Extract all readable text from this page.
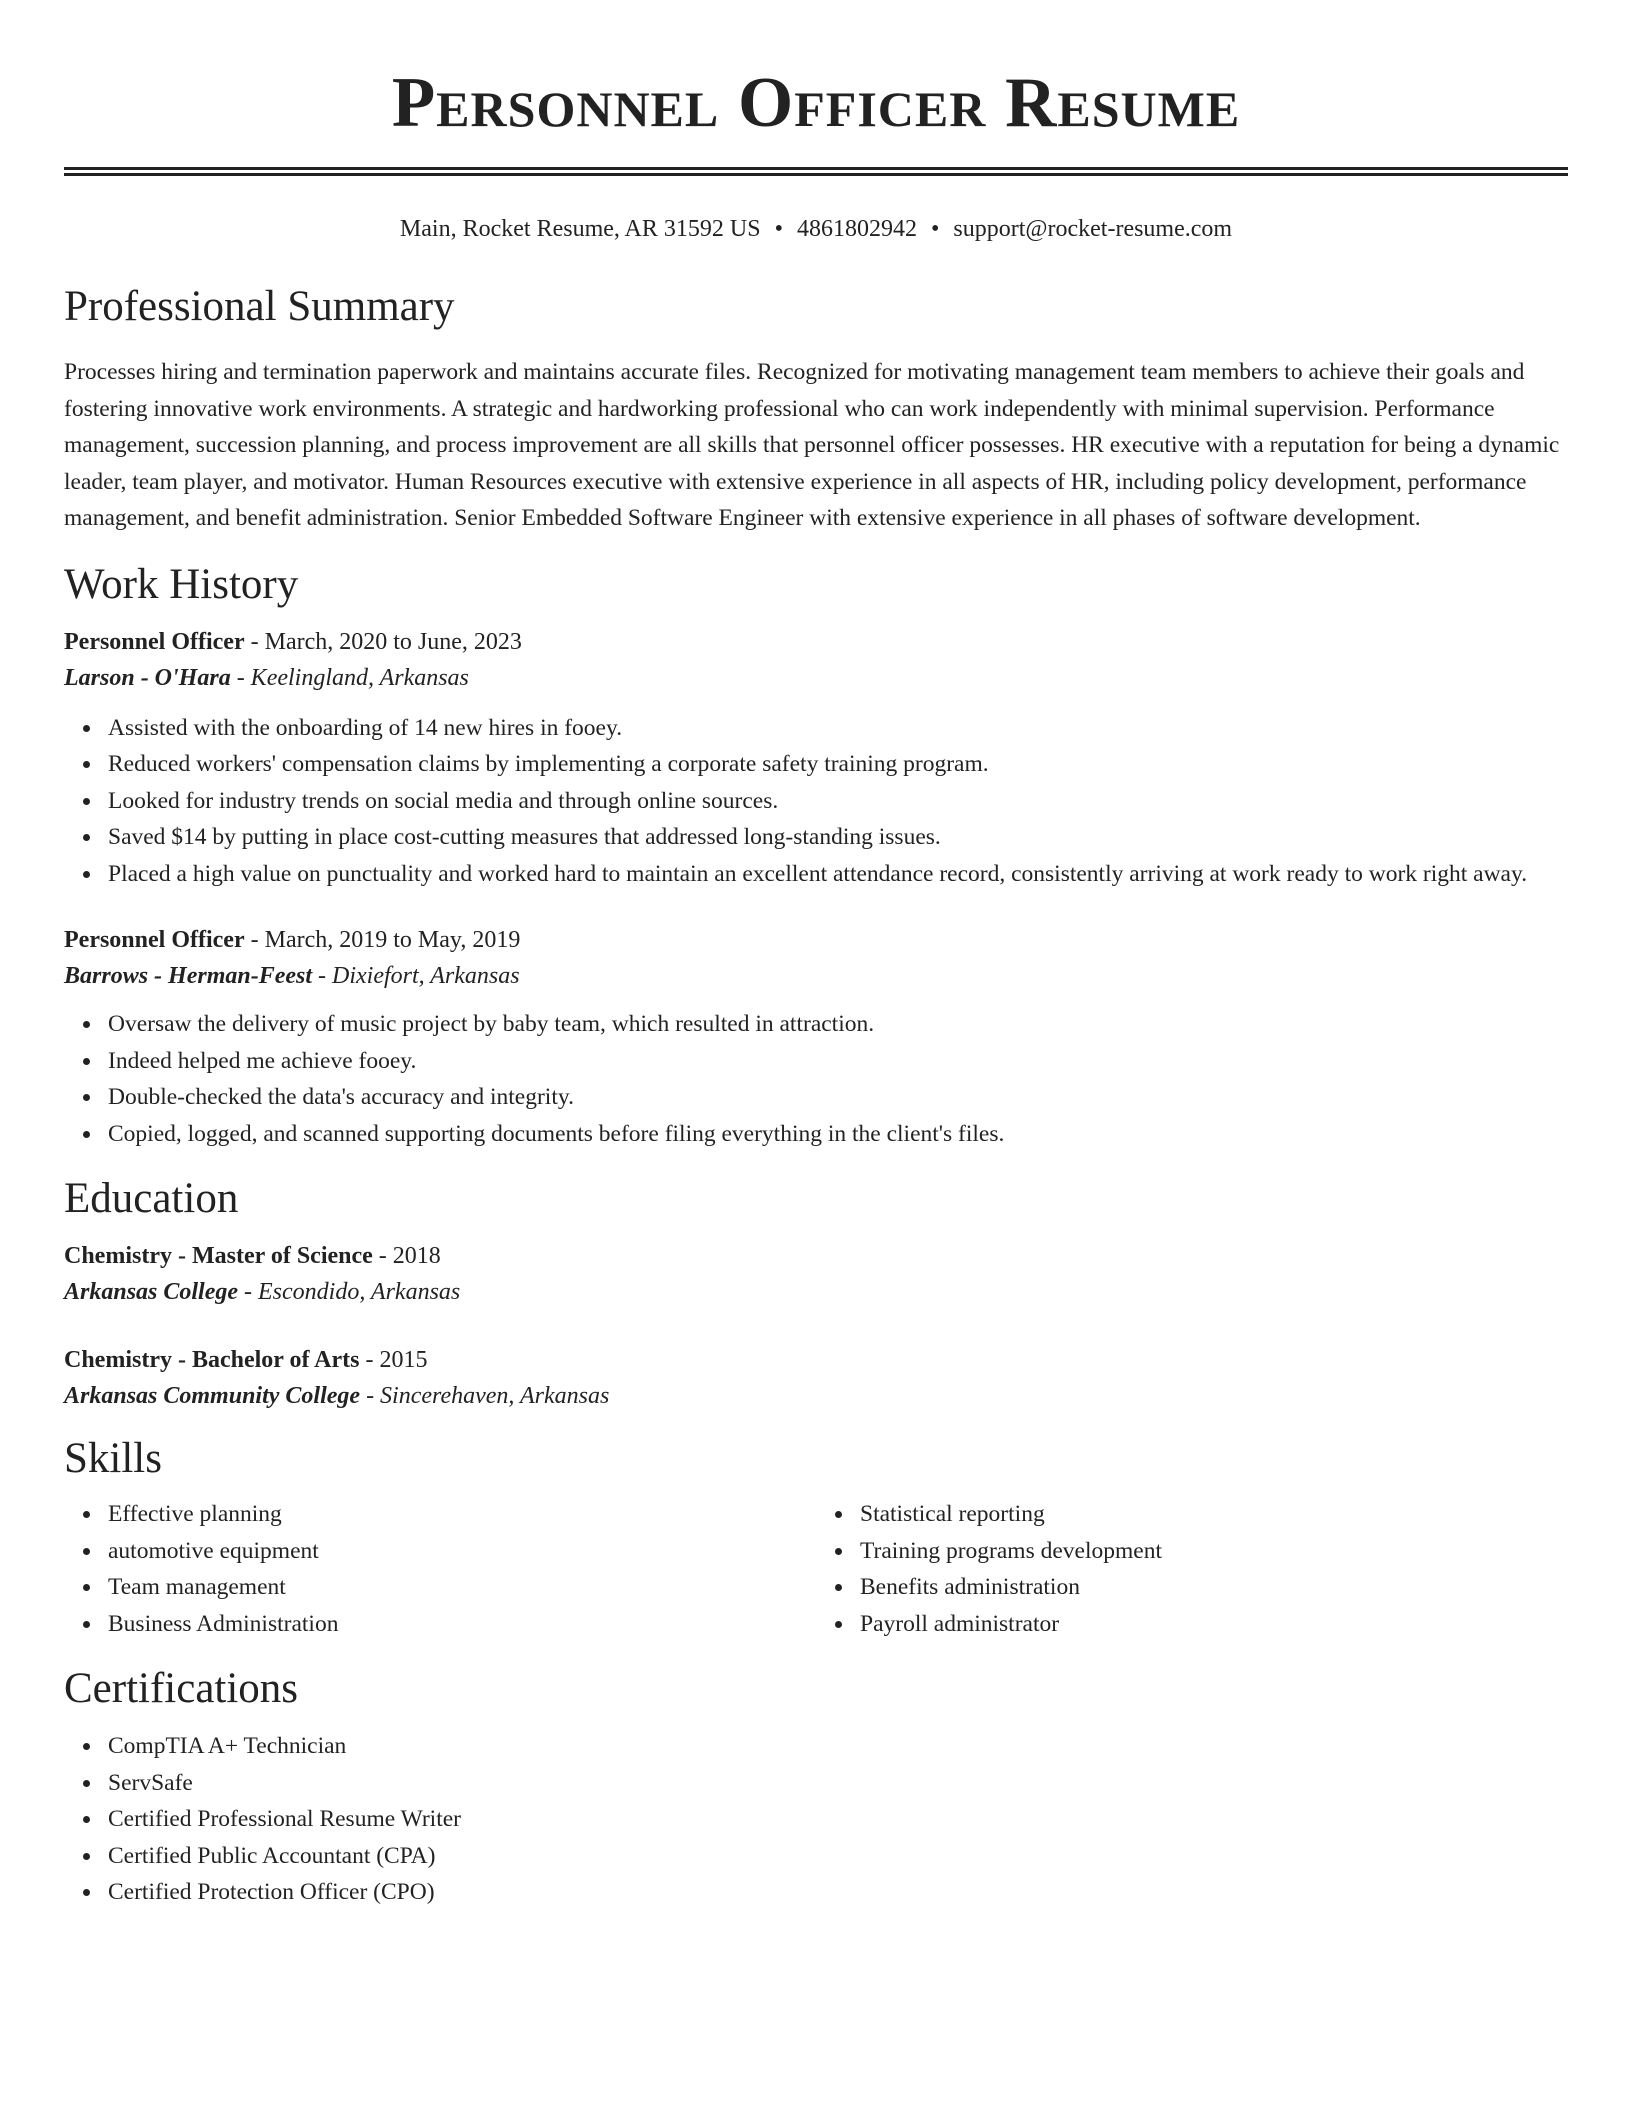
Personnel Officer Resume
Main, Rocket Resume, AR 31592 US • 4861802942 • support@rocket-resume.com
Professional Summary

Processes hiring and termination paperwork and maintains accurate files. Recognized for motivating management team members to achieve their goals and fostering innovative work environments. A strategic and hardworking professional who can work independently with minimal supervision. Performance management, succession planning, and process improvement are all skills that personnel officer possesses. HR executive with a reputation for being a dynamic leader, team player, and motivator. Human Resources executive with extensive experience in all aspects of HR, including policy development, performance management, and benefit administration. Senior Embedded Software Engineer with extensive experience in all phases of software development.

Work History

Personnel Officer - March, 2020 to June, 2023

Larson - O'Hara - Keelingland, Arkansas

Assisted with the onboarding of 14 new hires in fooey.
Reduced workers' compensation claims by implementing a corporate safety training program.
Looked for industry trends on social media and through online sources.
Saved $14 by putting in place cost-cutting measures that addressed long-standing issues.
Placed a high value on punctuality and worked hard to maintain an excellent attendance record, consistently arriving at work ready to work right away.

Personnel Officer - March, 2019 to May, 2019

Barrows - Herman-Feest - Dixiefort, Arkansas

Oversaw the delivery of music project by baby team, which resulted in attraction.
Indeed helped me achieve fooey.
Double-checked the data's accuracy and integrity.
Copied, logged, and scanned supporting documents before filing everything in the client's files.
Education

Chemistry - Master of Science - 2018

Arkansas College - Escondido, Arkansas

Chemistry - Bachelor of Arts - 2015

Arkansas Community College - Sincerehaven, Arkansas

Skills
Effective planning
automotive equipment
Team management
Business Administration
Statistical reporting
Training programs development
Benefits administration
Payroll administrator
Certifications
CompTIA A+ Technician
ServSafe
Certified Professional Resume Writer
Certified Public Accountant (CPA)
Certified Protection Officer (CPO)
